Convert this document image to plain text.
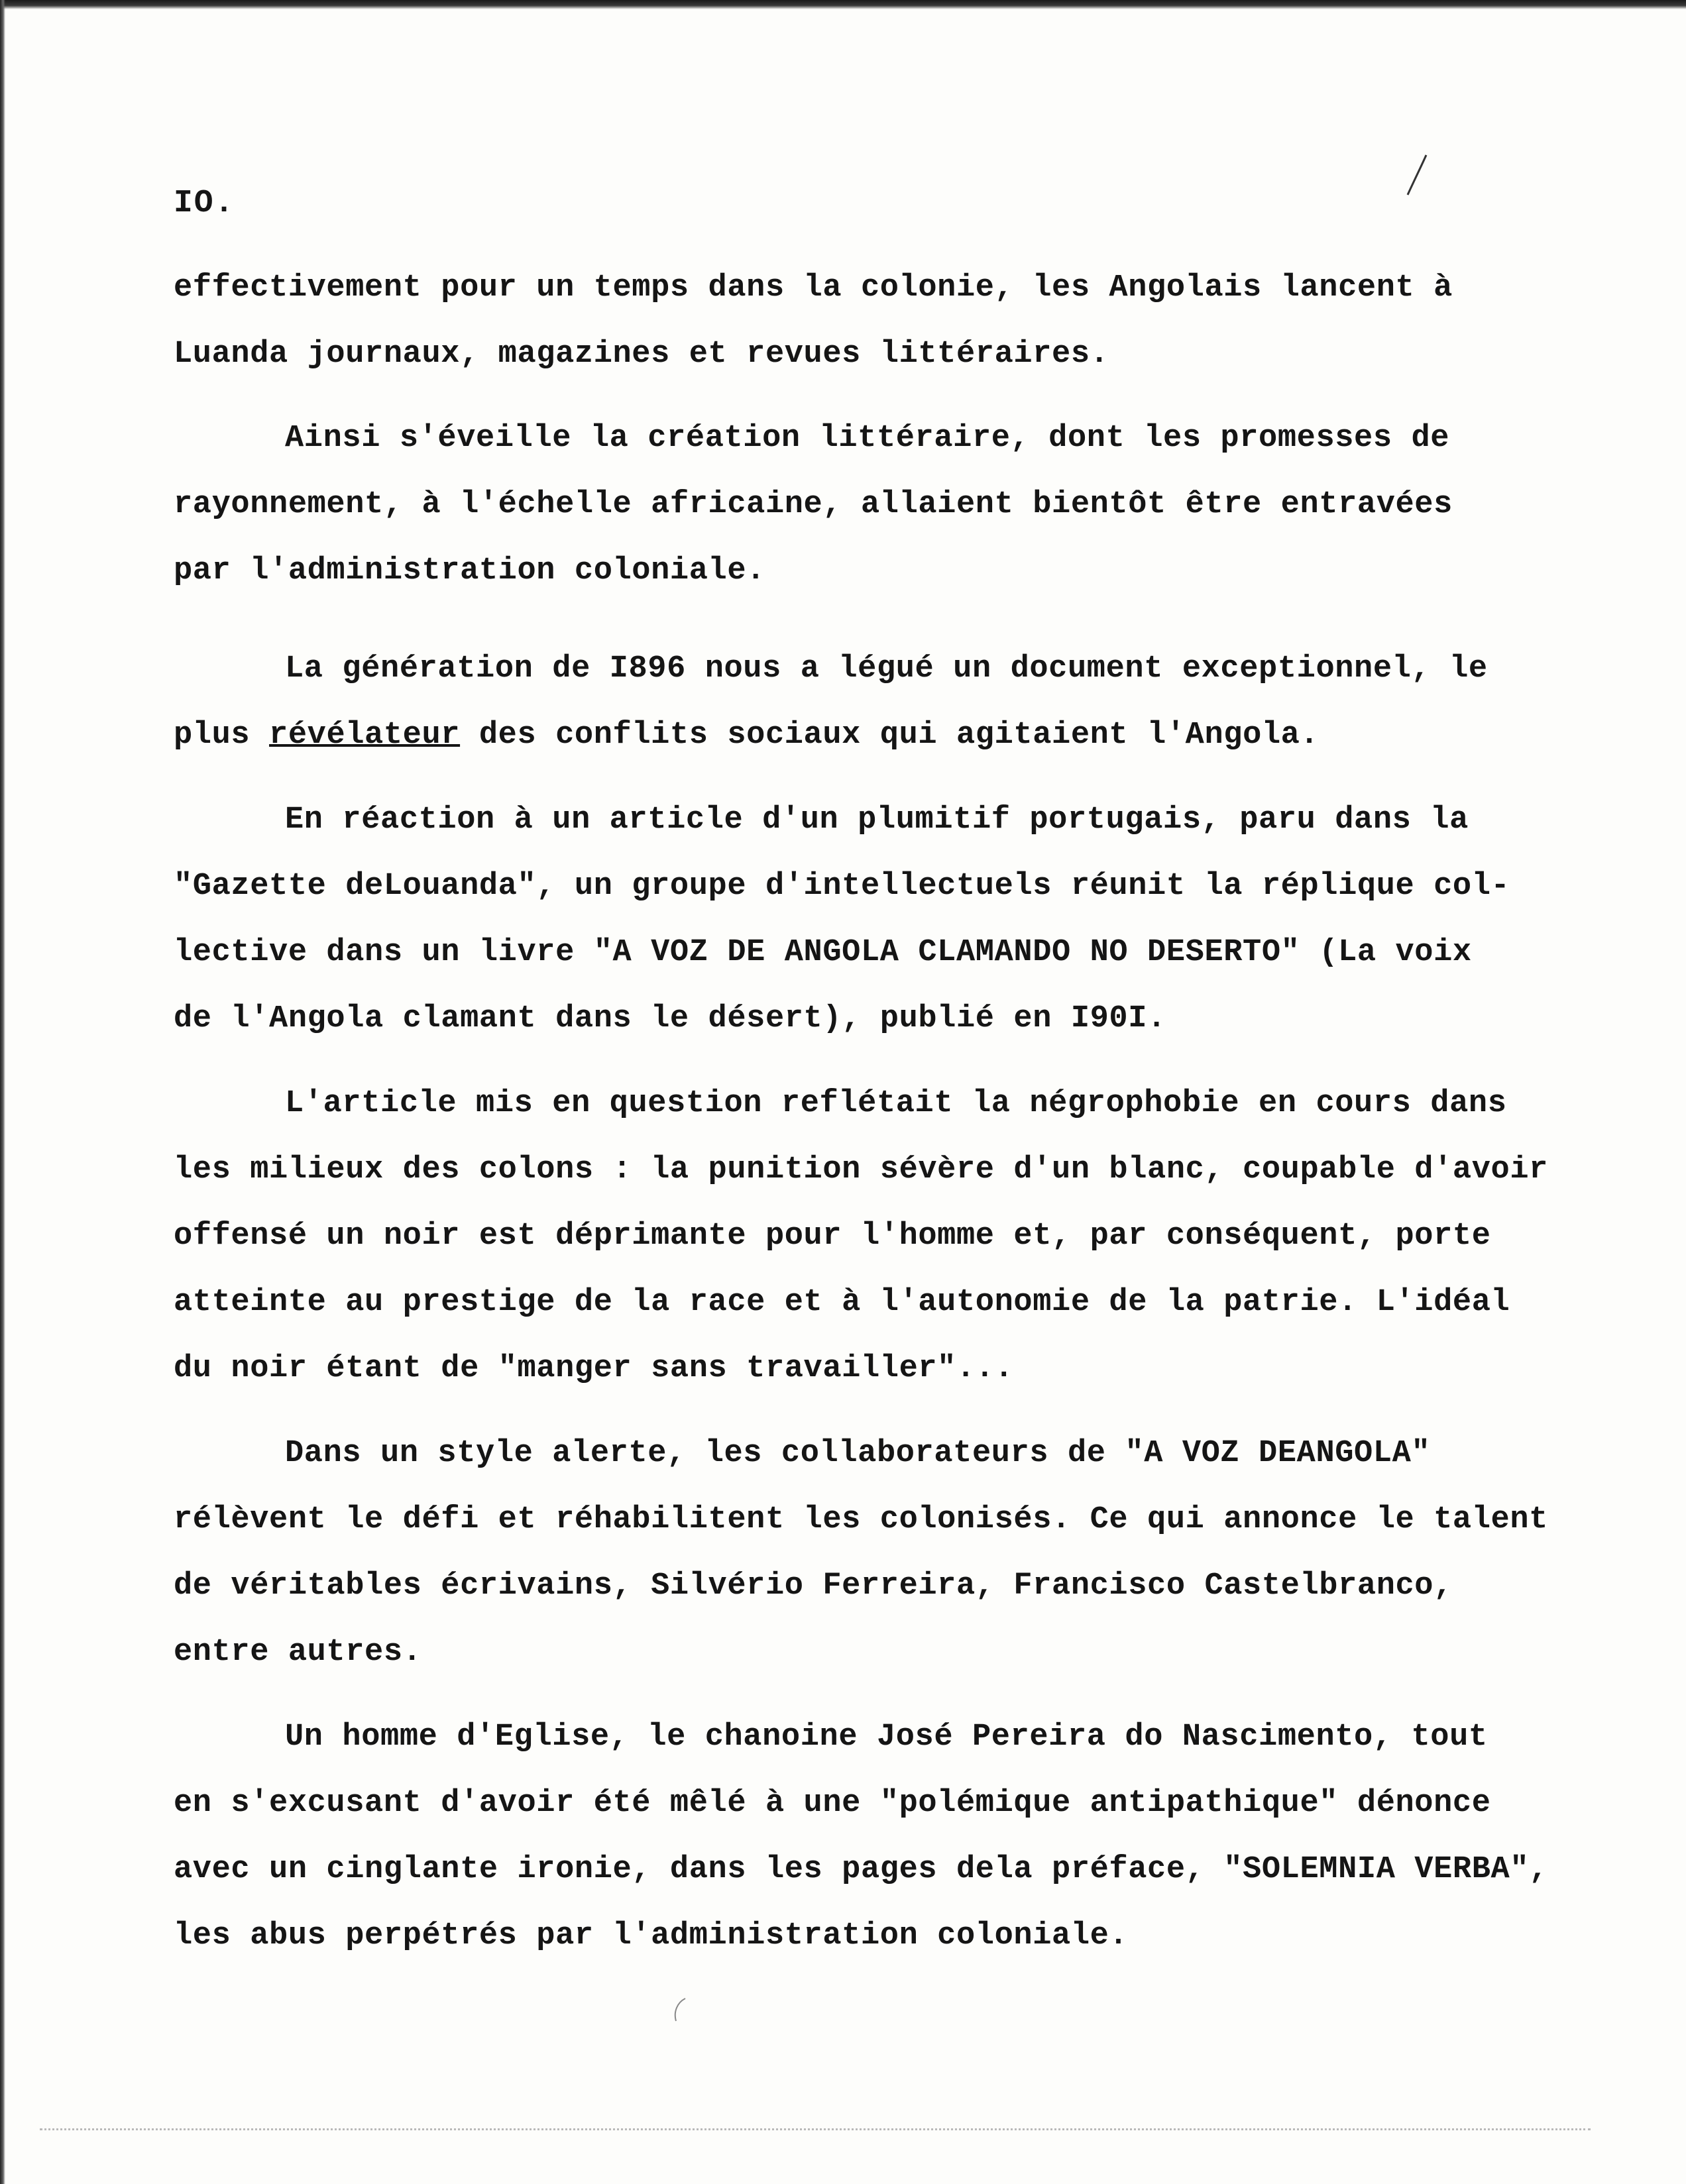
IO.
effectivement pour un temps dans la colonie, les Angolais lancent à
Luanda journaux, magazines et revues littéraires.
Ainsi s'éveille la création littéraire, dont les promesses de
rayonnement, à l'échelle africaine, allaient bientôt être entravées
par l'administration coloniale.
La génération de I896 nous a légué un document exceptionnel, le
plus révélateur des conflits sociaux qui agitaient l'Angola.
En réaction à un article d'un plumitif portugais, paru dans la
"Gazette deLouanda", un groupe d'intellectuels réunit la réplique col-
lective dans un livre "A VOZ DE ANGOLA CLAMANDO NO DESERTO" (La voix
de l'Angola clamant dans le désert), publié en I90I.
L'article mis en question reflétait la négrophobie en cours dans
les milieux des colons : la punition sévère d'un blanc, coupable d'avoir
offensé un noir est déprimante pour l'homme et, par conséquent, porte
atteinte au prestige de la race et à l'autonomie de la patrie. L'idéal
du noir étant de "manger sans travailler"...
Dans un style alerte, les collaborateurs de "A VOZ DEANGOLA"
rélèvent le défi et réhabilitent les colonisés. Ce qui annonce le talent
de véritables écrivains, Silvério Ferreira, Francisco Castelbranco,
entre autres.
Un homme d'Eglise, le chanoine José Pereira do Nascimento, tout
en s'excusant d'avoir été mêlé à une "polémique antipathique" dénonce
avec un cinglante ironie, dans les pages dela préface, "SOLEMNIA VERBA",
les abus perpétrés par l'administration coloniale.
